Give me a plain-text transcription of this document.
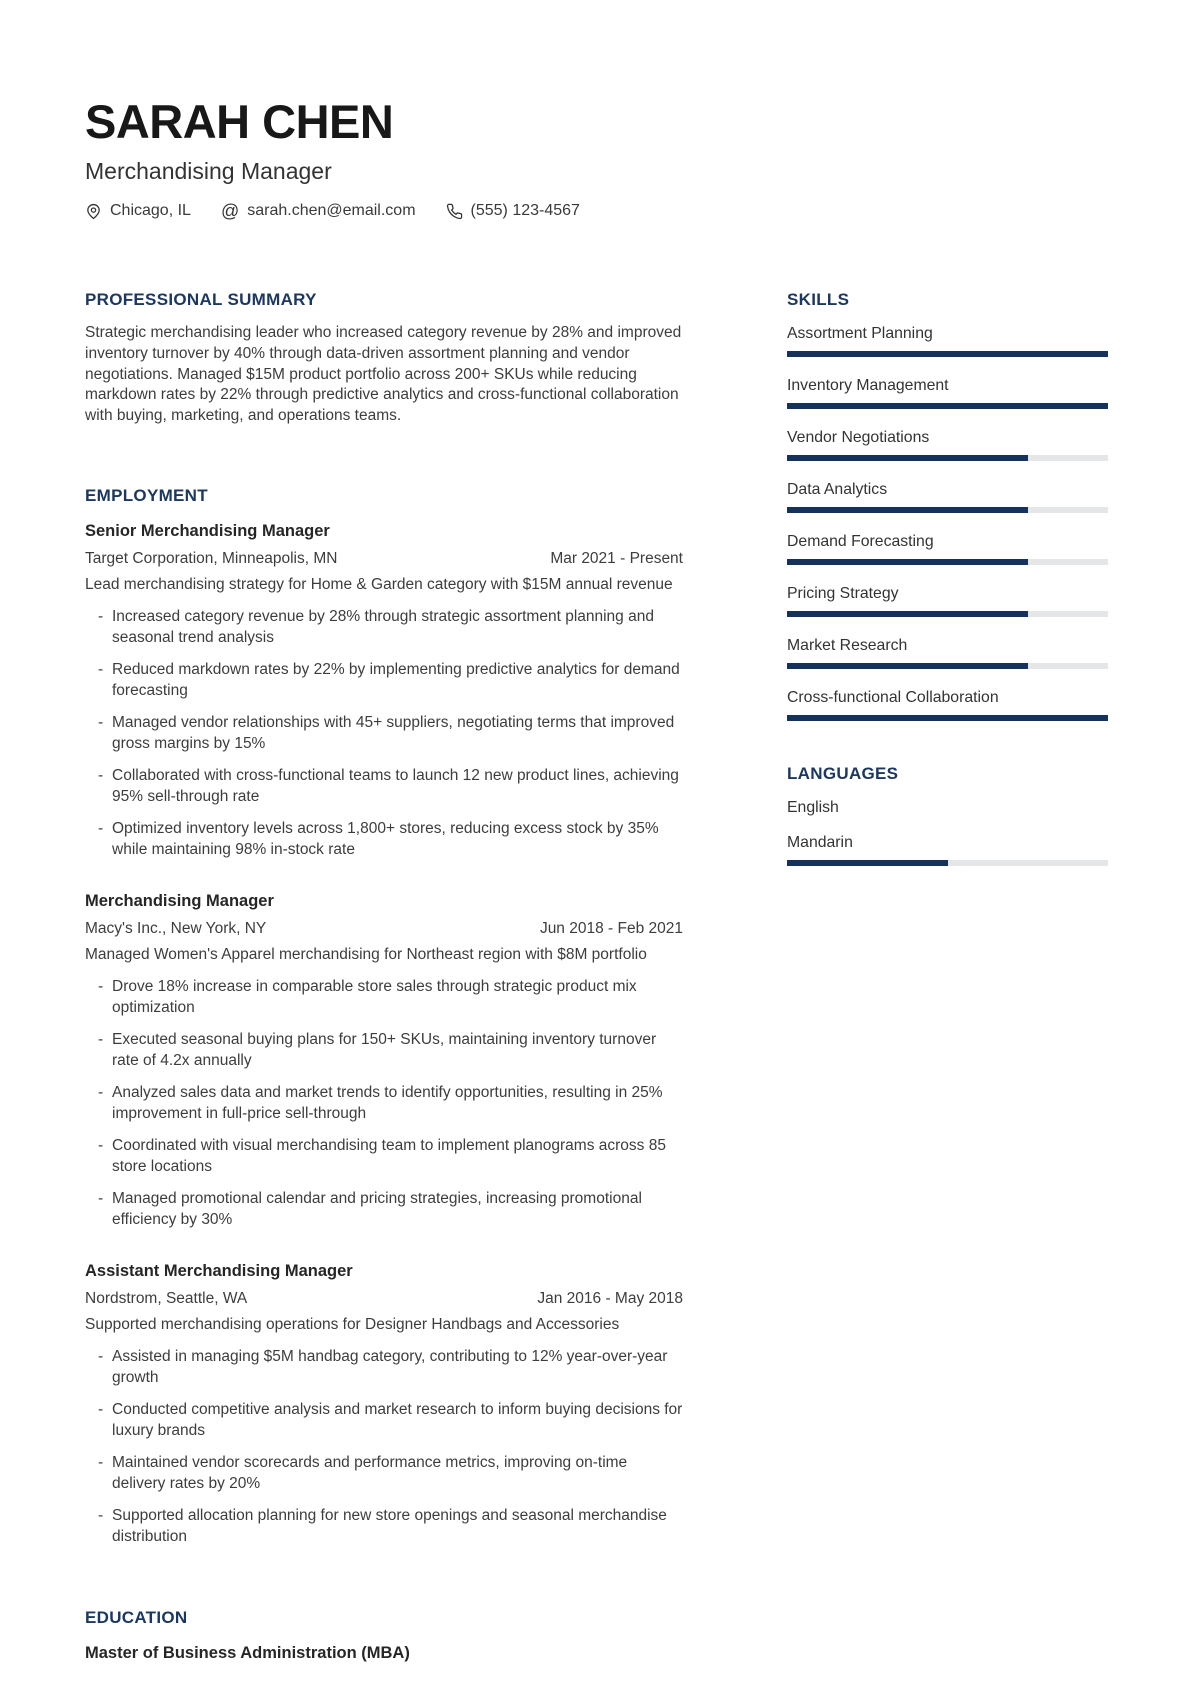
SARAH CHEN
Merchandising Manager
Chicago, IL @ sarah.chen@email.com	(555) 123-4567
PROFESSIONAL SUMMARY

Strategic merchandising leader who increased category revenue by 28% and improved inventory turnover by 40% through data-driven assortment planning and vendor negotiations. Managed $15M product portfolio across 200+ SKUs while reducing markdown rates by 22% through predictive analytics and cross-functional collaboration with buying, marketing, and operations teams.

EMPLOYMENT
Senior Merchandising Manager
Target Corporation, Minneapolis, MN	Mar 2021 - Present
Lead merchandising strategy for Home & Garden category with $15M annual revenue
- Increased category revenue by 28% through strategic assortment planning and seasonal trend analysis
- Reduced markdown rates by 22% by implementing predictive analytics for demand forecasting
- Managed vendor relationships with 45+ suppliers, negotiating terms that improved gross margins by 15%
- Collaborated with cross-functional teams to launch 12 new product lines, achieving 95% sell-through rate
- Optimized inventory levels across 1,800+ stores, reducing excess stock by 35% while maintaining 98% in-stock rate
Merchandising Manager
Macy's Inc., New York, NY	Jun 2018 - Feb 2021
Managed Women's Apparel merchandising for Northeast region with $8M portfolio
- Drove 18% increase in comparable store sales through strategic product mix optimization
- Executed seasonal buying plans for 150+ SKUs, maintaining inventory turnover rate of 4.2x annually
- Analyzed sales data and market trends to identify opportunities, resulting in 25% improvement in full-price sell-through
- Coordinated with visual merchandising team to implement planograms across 85 store locations
- Managed promotional calendar and pricing strategies, increasing promotional efficiency by 30%
Assistant Merchandising Manager
Nordstrom, Seattle, WA	Jan 2016 - May 2018
Supported merchandising operations for Designer Handbags and Accessories
- Assisted in managing $5M handbag category, contributing to 12% year-over-year growth
- Conducted competitive analysis and market research to inform buying decisions for luxury brands
- Maintained vendor scorecards and performance metrics, improving on-time delivery rates by 20%
- Supported allocation planning for new store openings and seasonal merchandise distribution
EDUCATION
Master of Business Administration (MBA)
SKILLS
Assortment Planning
Inventory Management
Vendor Negotiations
Data Analytics
Demand Forecasting
Pricing Strategy
Market Research
Cross-functional Collaboration
LANGUAGES
English
Mandarin
